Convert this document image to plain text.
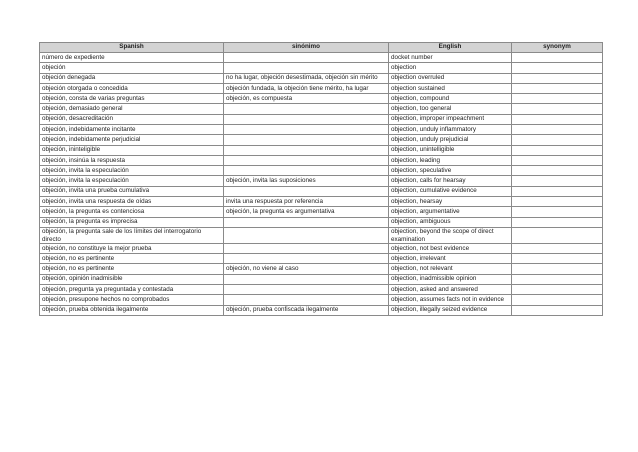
Spanish	sinónimo	English	synonym
número de expediente		docket number	
objeción		objection	
objeción denegada	no ha lugar, objeción desestimada, objeción sin mérito	objection overruled	
objeción otorgada o concedida	objeción fundada, la objeción tiene mérito, ha lugar	objection sustained	
objeción, consta de varias preguntas	objeción, es compuesta	objection, compound	
objeción, demasiado general		objection, too general	
objeción, desacreditación		objection, improper impeachment	
objeción, indebidamente incitante		objection, unduly inflammatory	
objeción, indebidamente perjudicial		objection, unduly prejudicial	
objeción, ininteligible		objection, unintelligible	
objeción, insinúa la respuesta		objection, leading	
objeción, invita la especulación		objection, speculative	
objeción, invita la especulación	objeción, invita las suposiciones	objection, calls for hearsay	
objeción, invita una prueba cumulativa		objection, cumulative evidence	
objeción, invita una respuesta de oídas	invita una respuesta por referencia	objection, hearsay	
objeción, la pregunta es contenciosa	objeción, la pregunta es argumentativa	objection, argumentative	
objeción, la pregunta es imprecisa		objection, ambiguous	
objeción, la pregunta sale de los límites del interrogatorio directo		objection, beyond the scope of direct examination	
objeción, no constituye la mejor prueba		objection, not best evidence	
objeción, no es pertinente		objection, irrelevant	
objeción, no es pertinente	objeción, no viene al caso	objection, not relevant	
objeción, opinión inadmisible		objection, inadmissible opinion	
objeción, pregunta ya preguntada y contestada		objection, asked and answered	
objeción, presupone hechos no comprobados		objection, assumes facts not in evidence	
objeción, prueba obtenida ilegalmente	objeción, prueba confiscada ilegalmente	objection, illegally seized evidence	
